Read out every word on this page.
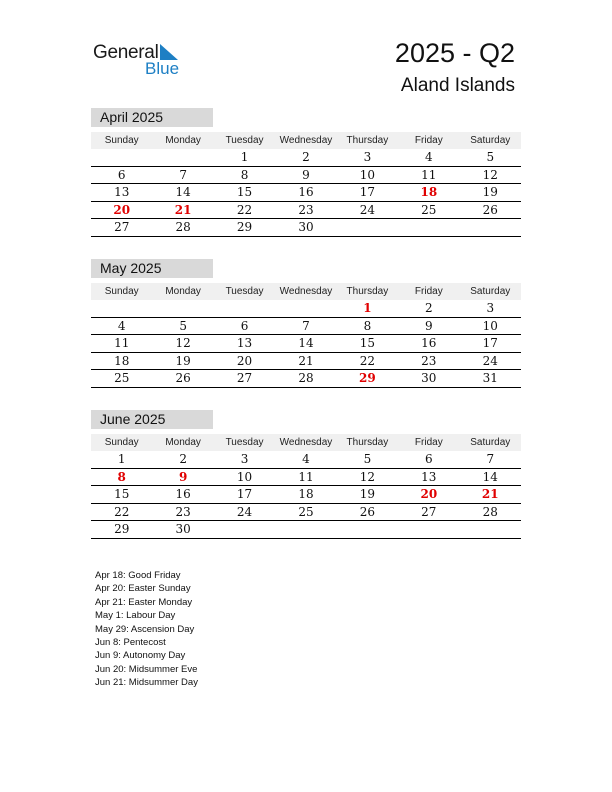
General
Blue
2025 - Q2
Aland Islands
April 2025
Sunday	Monday	Tuesday	Wednesday	Thursday	Friday	Saturday
		1	2	3	4	5
6	7	8	9	10	11	12
13	14	15	16	17	18	19
20	21	22	23	24	25	26
27	28	29	30			
May 2025
Sunday	Monday	Tuesday	Wednesday	Thursday	Friday	Saturday
				1	2	3
4	5	6	7	8	9	10
11	12	13	14	15	16	17
18	19	20	21	22	23	24
25	26	27	28	29	30	31
June 2025
Sunday	Monday	Tuesday	Wednesday	Thursday	Friday	Saturday
1	2	3	4	5	6	7
8	9	10	11	12	13	14
15	16	17	18	19	20	21
22	23	24	25	26	27	28
29	30					
Apr 18: Good Friday
Apr 20: Easter Sunday
Apr 21: Easter Monday
May 1: Labour Day
May 29: Ascension Day
Jun 8: Pentecost
Jun 9: Autonomy Day
Jun 20: Midsummer Eve
Jun 21: Midsummer Day
